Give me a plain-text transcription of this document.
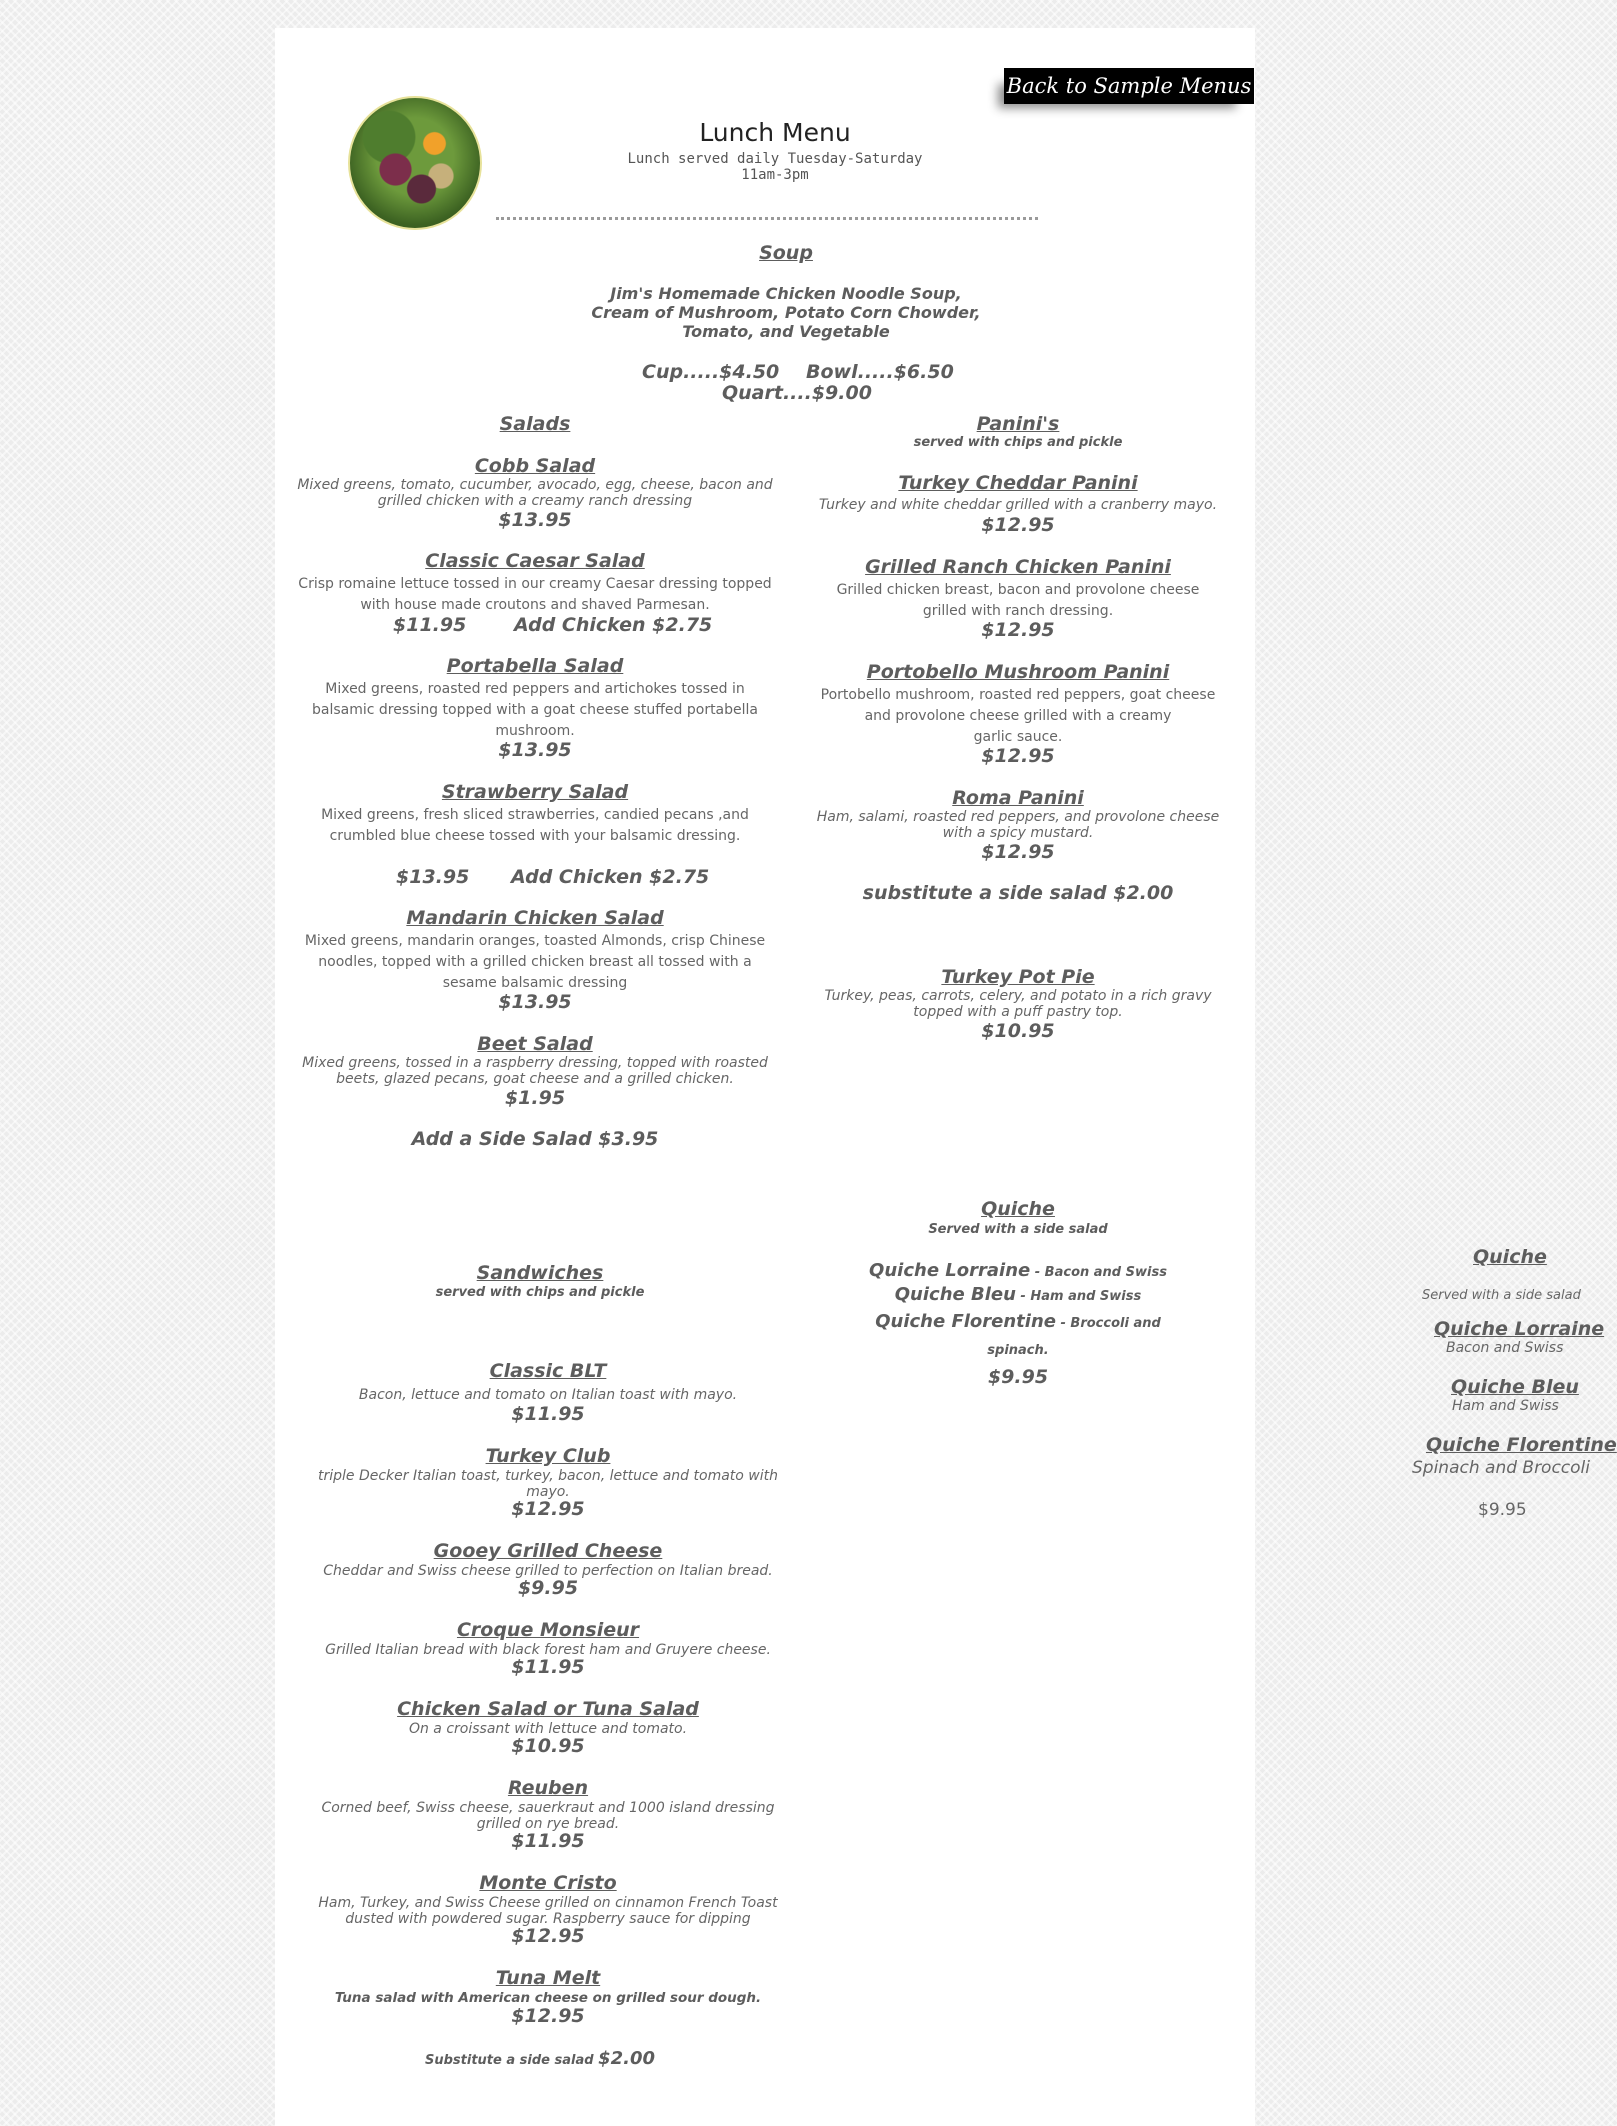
Back to Sample Menus
Lunch Menu
Lunch served daily Tuesday-Saturday
11am-3pm
Soup
Jim's Homemade Chicken Noodle Soup,
Cream of Mushroom, Potato Corn Chowder,
Tomato, and Vegetable
Cup.....$4.50 Bowl.....$6.50
Quart....$9.00
Salads
Cobb Salad
Mixed greens, tomato, cucumber, avocado, egg, cheese, bacon and
grilled chicken with a creamy ranch dressing
$13.95
Classic Caesar Salad
Crisp romaine lettuce tossed in our creamy Caesar dressing topped
with house made croutons and shaved Parmesan.
$11.95	Add Chicken $2.75
Portabella Salad
Mixed greens, roasted red peppers and artichokes tossed in
balsamic dressing topped with a goat cheese stuffed portabella
mushroom.
$13.95
Strawberry Salad
Mixed greens, fresh sliced strawberries, candied pecans ,and
crumbled blue cheese tossed with your balsamic dressing.
$13.95 Add Chicken $2.75
Mandarin Chicken Salad
Mixed greens, mandarin oranges, toasted Almonds, crisp Chinese
noodles, topped with a grilled chicken breast all tossed with a
sesame balsamic dressing
$13.95
Beet Salad
Mixed greens, tossed in a raspberry dressing, topped with roasted
beets, glazed pecans, goat cheese and a grilled chicken.
$1.95
Add a Side Salad $3.95
Panini's
served with chips and pickle
Turkey Cheddar Panini
Turkey and white cheddar grilled with a cranberry mayo.
$12.95
Grilled Ranch Chicken Panini
Grilled chicken breast, bacon and provolone cheese
grilled with ranch dressing.
$12.95
Portobello Mushroom Panini
Portobello mushroom, roasted red peppers, goat cheese
and provolone cheese grilled with a creamy
garlic sauce.
$12.95
Roma Panini
Ham, salami, roasted red peppers, and provolone cheese
with a spicy mustard.
$12.95
substitute a side salad $2.00
Turkey Pot Pie
Turkey, peas, carrots, celery, and potato in a rich gravy
topped with a puff pastry top.
$10.95
Quiche
Served with a side salad
Quiche Lorraine - Bacon and Swiss
Quiche Bleu - Ham and Swiss
Quiche Florentine - Broccoli and
spinach.
$9.95
Quiche
Served with a side salad
Quiche Lorraine
Bacon and Swiss
Quiche Bleu
Ham and Swiss
Quiche Florentine
Spinach and Broccoli
$9.95
Sandwiches
served with chips and pickle
Classic BLT
Bacon, lettuce and tomato on Italian toast with mayo.
$11.95
Turkey Club
triple Decker Italian toast, turkey, bacon, lettuce and tomato with
mayo.
$12.95
Gooey Grilled Cheese
Cheddar and Swiss cheese grilled to perfection on Italian bread.
$9.95
Croque Monsieur
Grilled Italian bread with black forest ham and Gruyere cheese.
$11.95
Chicken Salad or Tuna Salad
On a croissant with lettuce and tomato.
$10.95
Reuben
Corned beef, Swiss cheese, sauerkraut and 1000 island dressing
grilled on rye bread.
$11.95
Monte Cristo
Ham, Turkey, and Swiss Cheese grilled on cinnamon French Toast
dusted with powdered sugar. Raspberry sauce for dipping
$12.95
Tuna Melt
Tuna salad with American cheese on grilled sour dough.
$12.95
Substitute a side salad $2.00
